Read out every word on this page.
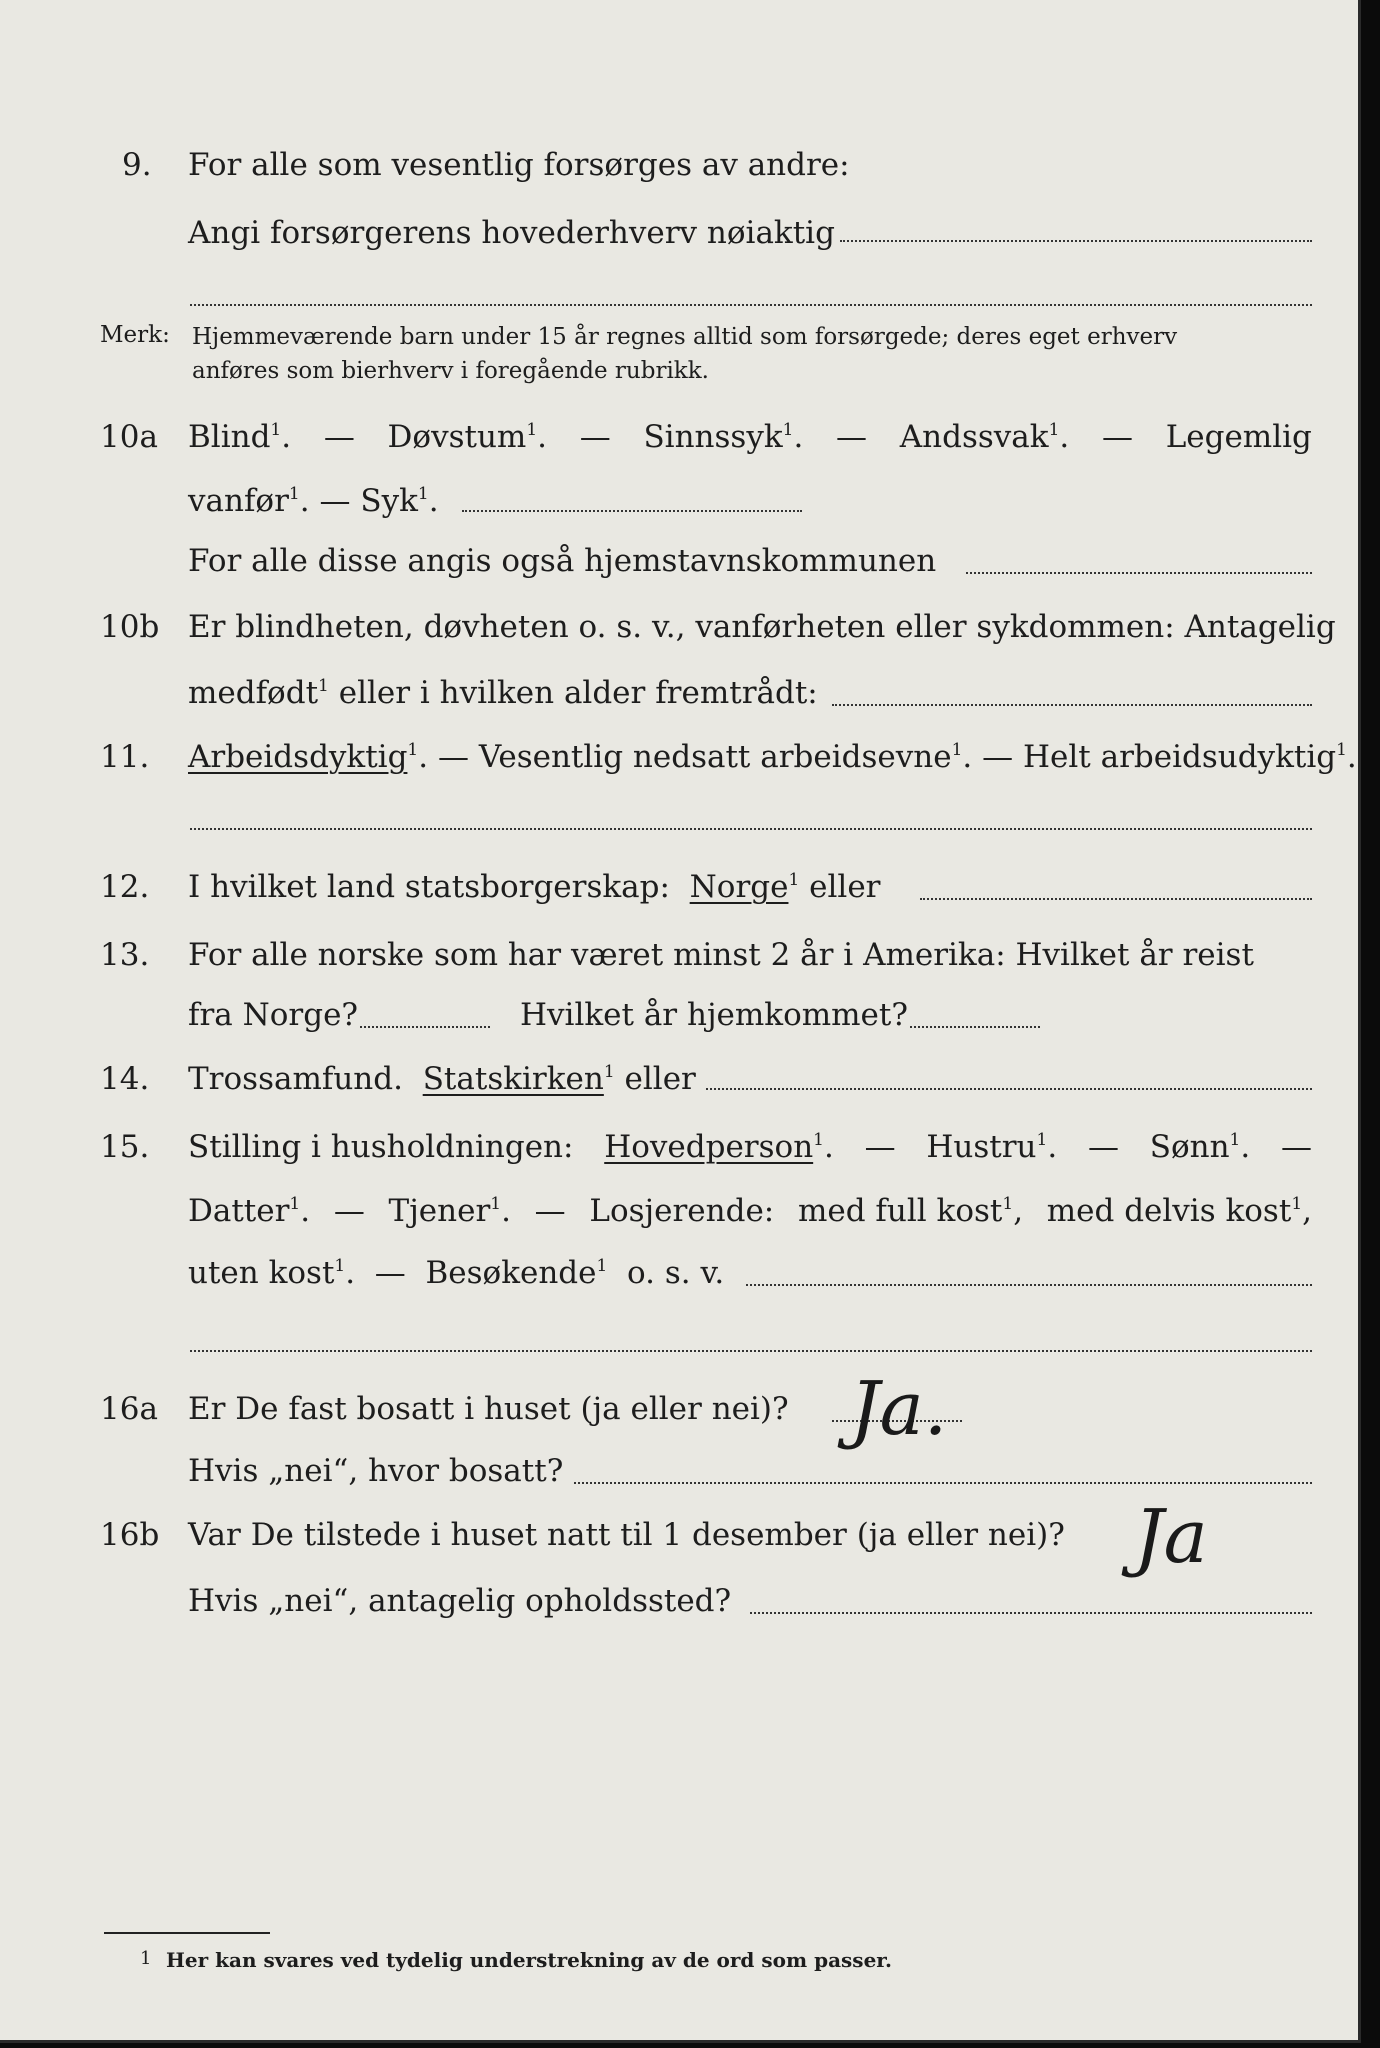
9. For alle som vesentlig forsørges av andre:
Angi forsørgerens hovederhverv nøiaktig
Merk: Hjemmeværende barn under 15 år regnes alltid som forsørgede; deres eget erhverv
anføres som bierhverv i foregående rubrikk.
10a Blind$^1$. — Døvstum$^1$. — Sinnssyk$^1$. — Andssvak$^1$. — Legemlig
vanfør$^1$. — Syk$^1$.
For alle disse angis også hjemstavnskommunen
10b Er blindheten, døvheten o. s. v., vanførheten eller sykdommen: Antagelig
medfødt$^1$ eller i hvilken alder fremtrådt:
11. Arbeidsdyktig$^1$. — Vesentlig nedsatt arbeidsevne$^1$. — Helt arbeidsudyktig$^1$.
12. I hvilket land statsborgerskap: Norge$^1$ eller
13. For alle norske som har været minst 2 år i Amerika: Hvilket år reist
fra Norge?	Hvilket år hjemkommet?
14. Trossamfund. Statskirken$^1$ eller
15. Stilling i husholdningen: Hovedperson$^1$. — Hustru$^1$. — Sønn$^1$. —
Datter$^1$. — Tjener$^1$. — Losjerende: med full kost$^1$, med delvis kost$^1$,
uten kost$^1$.  — Besøkende$^1$ o. s. v.
16a Er De fast bosatt i huset (ja eller nei)? Ja.
Hvis „nei“, hvor bosatt?
16b Var De tilstede i huset natt til 1 desember (ja eller nei)? Ja
Hvis „nei“, antagelig opholdssted?
1 Her kan svares ved tydelig understrekning av de ord som passer.
